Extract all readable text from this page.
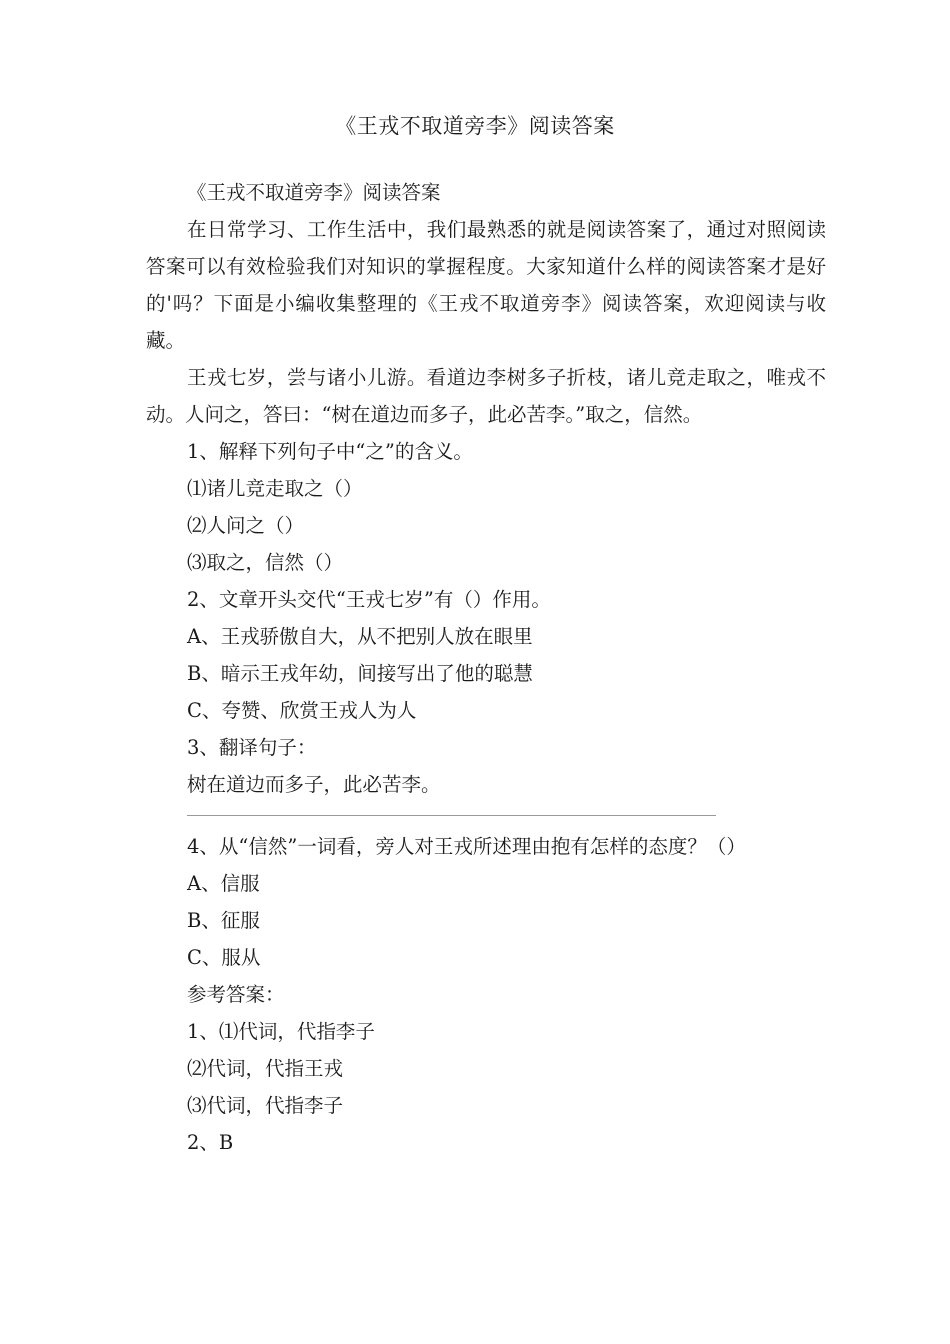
《王戎不取道旁李》阅读答案

《王戎不取道旁李》阅读答案

在日常学习、工作生活中，我们最熟悉的就是阅读答案了，通过对照阅读答案可以有效检验我们对知识的掌握程度。大家知道什么样的阅读答案才是好的'吗？下面是小编收集整理的《王戎不取道旁李》阅读答案，欢迎阅读与收藏。

王戎七岁，尝与诸小儿游。看道边李树多子折枝，诸儿竞走取之，唯戎不动。人问之，答曰：“树在道边而多子，此必苦李。”取之，信然。

1、解释下列句子中“之”的含义。

⑴诸儿竞走取之（）

⑵人问之（）

⑶取之，信然（）

2、文章开头交代“王戎七岁”有（）作用。

A、王戎骄傲自大，从不把别人放在眼里

B、暗示王戎年幼，间接写出了他的聪慧

C、夸赞、欣赏王戎人为人

3、翻译句子：

树在道边而多子，此必苦李。

4、从“信然”一词看，旁人对王戎所述理由抱有怎样的态度？（）

A、信服

B、征服

C、服从

参考答案：

1、⑴代词，代指李子

⑵代词，代指王戎

⑶代词，代指李子

2、B
